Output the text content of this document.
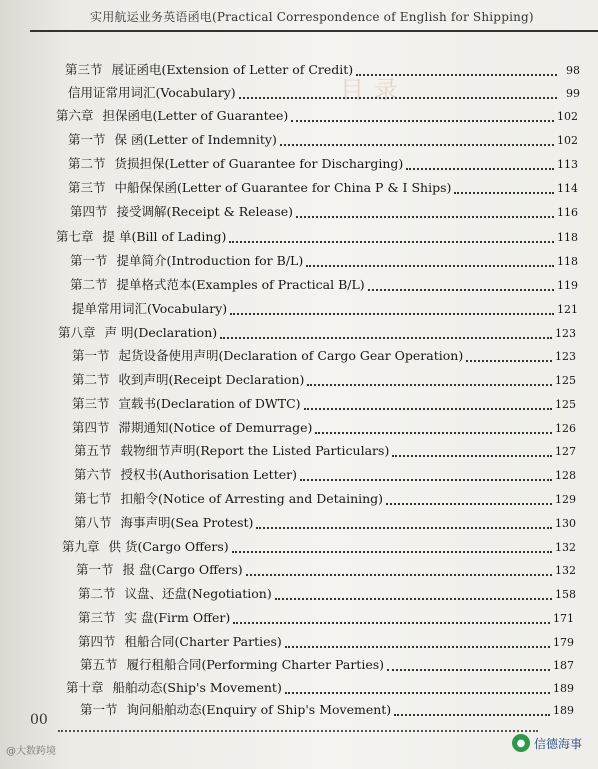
目录
实用航运业务英语函电(Practical Correspondence of English for Shipping)
第三节 展证函电(Extension of Letter of Credit)	98
信用证常用词汇(Vocabulary)	99
第六章 担保函电(Letter of Guarantee)	102
第一节 保 函(Letter of Indemnity)	102
第二节 货损担保(Letter of Guarantee for Discharging)	113
第三节 中船保保函(Letter of Guarantee for China P & I Ships)	114
第四节 接受调解(Receipt & Release)	116
第七章 提 单(Bill of Lading)	118
第一节 提单简介(Introduction for B/L)	118
第二节 提单格式范本(Examples of Practical B/L)	119
提单常用词汇(Vocabulary)	121
第八章 声 明(Declaration)	123
第一节 起货设备使用声明(Declaration of Cargo Gear Operation)	123
第二节 收到声明(Receipt Declaration)	125
第三节 宣载书(Declaration of DWTC)	125
第四节 滞期通知(Notice of Demurrage)	126
第五节 载物细节声明(Report the Listed Particulars)	127
第六节 授权书(Authorisation Letter)	128
第七节 扣船令(Notice of Arresting and Detaining)	129
第八节 海事声明(Sea Protest)	130
第九章 供 货(Cargo Offers)	132
第一节 报 盘(Cargo Offers)	132
第二节 议盘、还盘(Negotiation)	158
第三节 实 盘(Firm Offer)	171
第四节 租船合同(Charter Parties)	179
第五节 履行租船合同(Performing Charter Parties)	187
第十章 船舶动态(Ship's Movement)	189
第一节 询问船舶动态(Enquiry of Ship's Movement)	189
00
@大数跨境
● 信德海事
